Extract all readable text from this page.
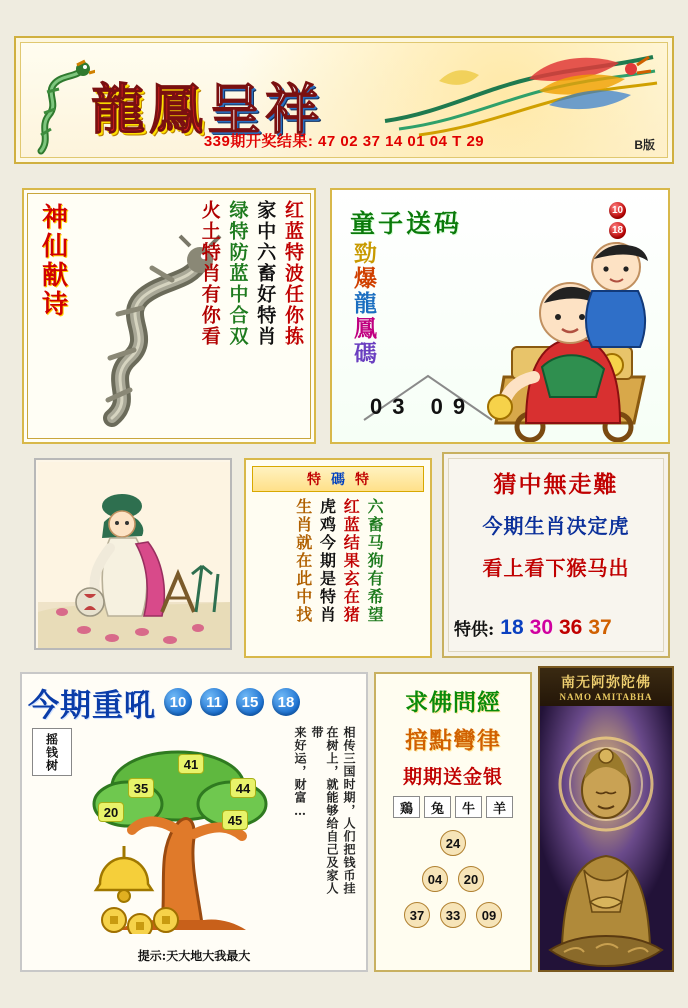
龍鳳呈祥
339期开奖结果: 47 02 37 14 01 04 T 29	B版
神仙献诗	红蓝特波任你拣
家中六畜好特肖
绿特防蓝中合双
火土特肖有你看	童子送码
勁
爆
龍
鳳
碼
10
18
03 09
特 碼 特
六畜马狗有希望
红蓝结果玄在猪
虎鸡今期是特肖
生肖就在此中找
猜中無走難
今期生肖决定虎
看上看下猴马出
特供: 18 30 36 37
今期重吼 10	11	15	18
摇钱树	相传三国时期，人们把钱币挂
在树上，就能够给自己及家人带
来好运，财富…
41
35	44
20
45
提示:天大地大我最大
求佛問經
揞點彎律
期期送金银
鶏	兔	牛	羊
24
04	20
37	33	09
南无阿弥陀佛
NAMO AMITABHA
